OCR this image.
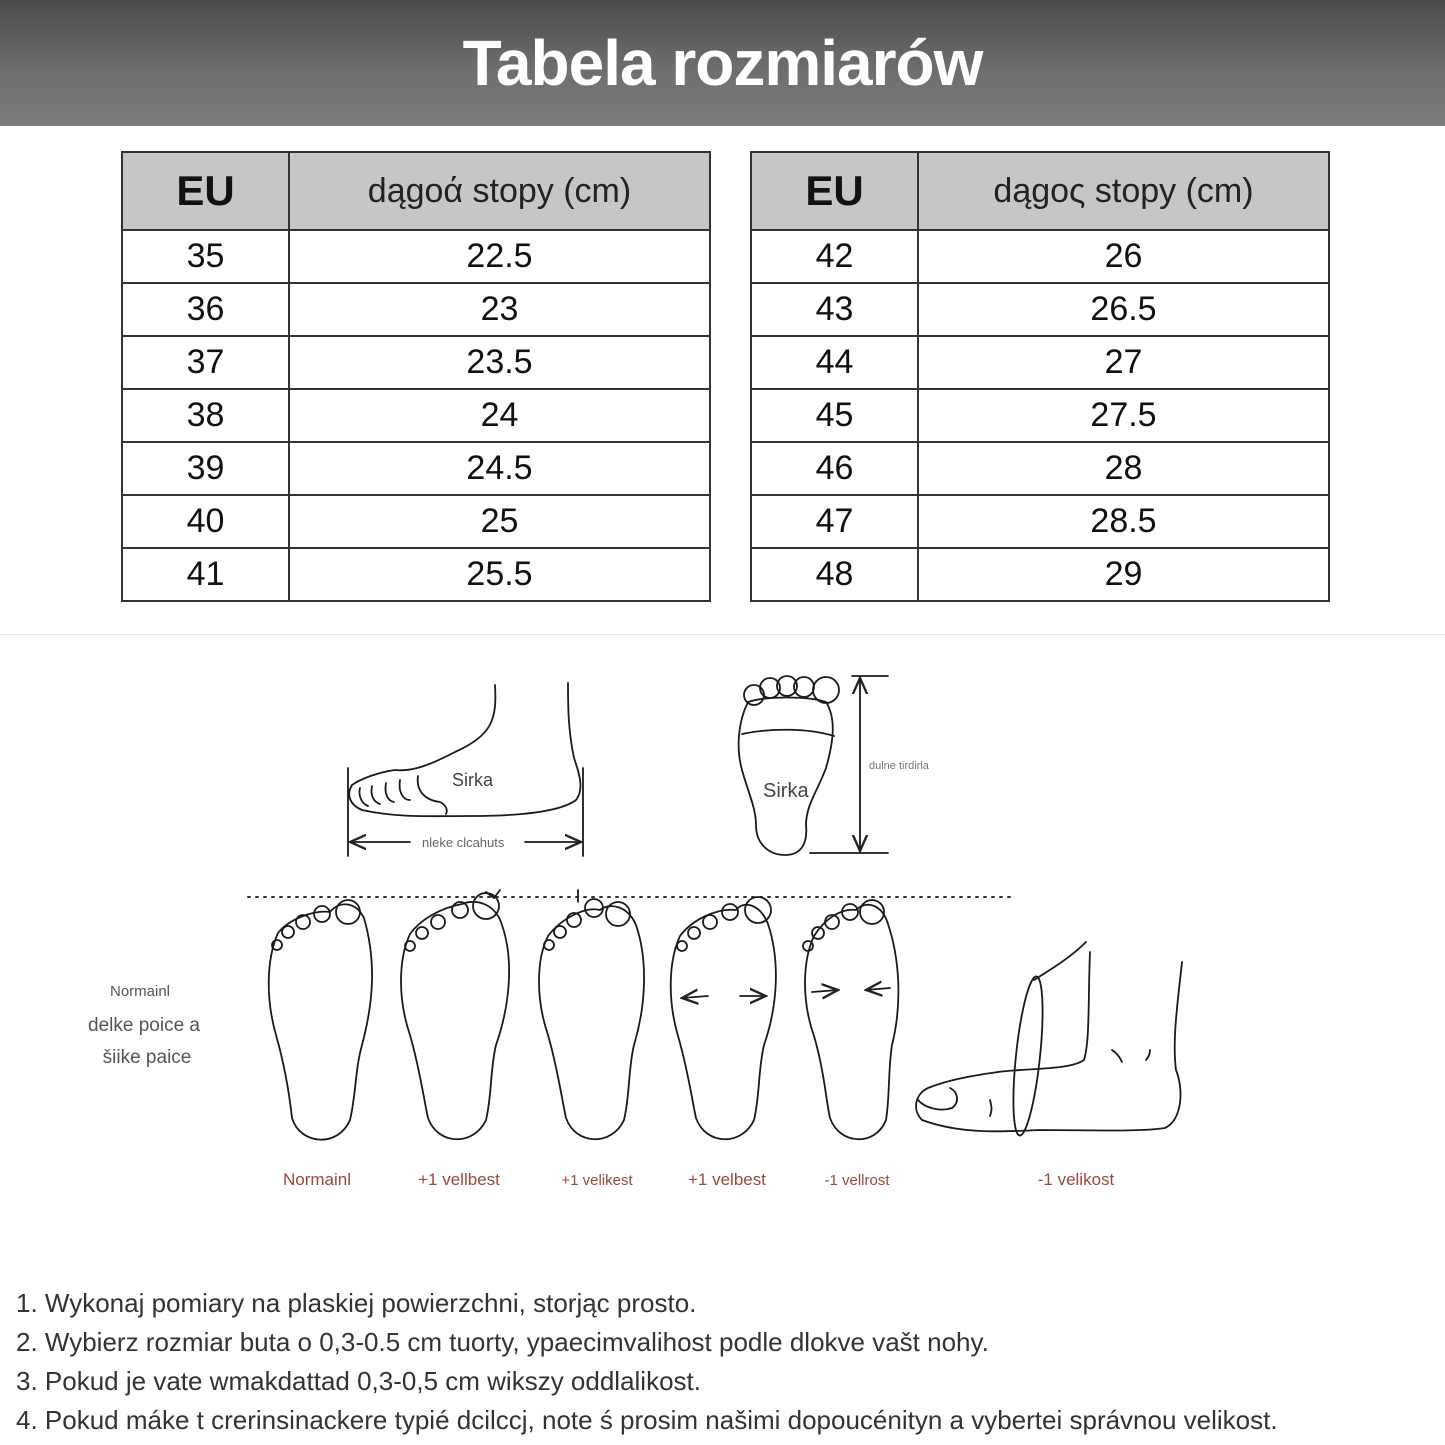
Tabela rozmiarów
EU	dągoά stopy (cm)
35	22.5
36	23
37	23.5
38	24
39	24.5
40	25
41	25.5
EU	dągoς stopy (cm)
42	26
43	26.5
44	27
45	27.5
46	28
47	28.5
48	29
Sirka	Sirka
nleke clcahuts
dulne tirdirla
Normainl
delke poice a
šiike paice
Normainl	+1 vellbest	+1 velikest	+1 velbest	-1 vellrost	-1 velikost
1. Wykonaj pomiary na plaskiej powierzchni, storjąc prosto.
2. Wybierz rozmiar buta o 0,3-0.5 cm tuorty, ypaecimvalihost podle dlokve vašt nohy.
3. Pokud je vate wmakdattad 0,3-0,5 cm wikszy oddlalikost.
4. Pokud máke t crerinsinackere typié dcilccj, note ś prosim našimi dopoucénityn a vybertei správnou velikost.
